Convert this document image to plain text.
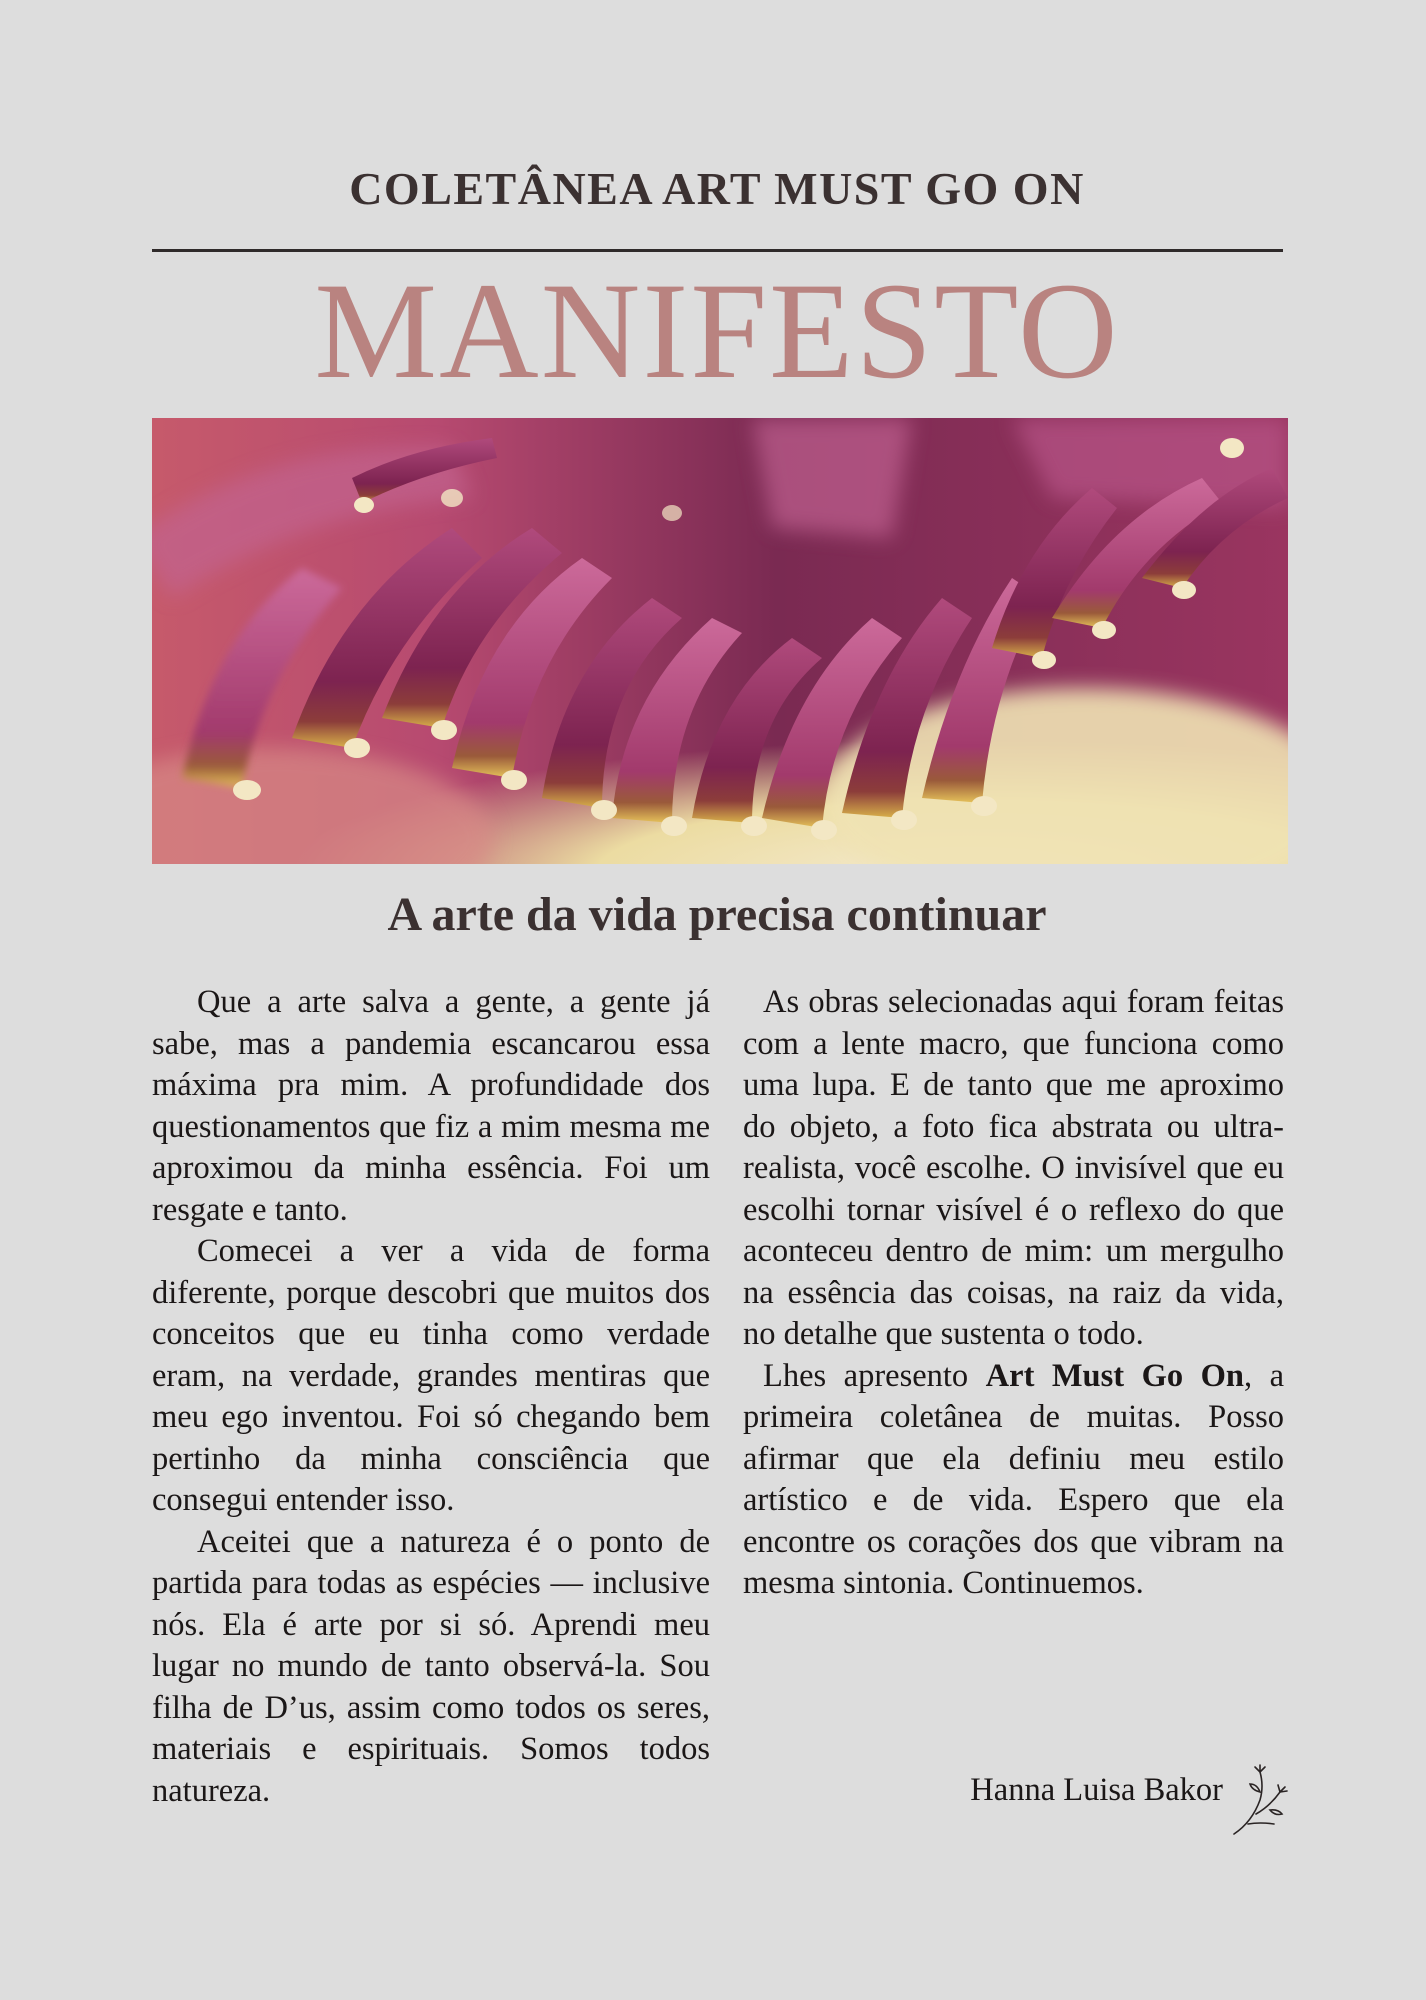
COLETÂNEA ART MUST GO ON
MANIFESTO
A arte da vida precisa continuar

Que a arte salva a gente, a gente já sabe, mas a pandemia escancarou essa máxima pra mim. A profundidade dos questionamentos que fiz a mim mesma me aproximou da minha essência. Foi um resgate e tanto.

Comecei a ver a vida de forma diferente, porque descobri que muitos dos conceitos que eu tinha como verdade eram, na verdade, grandes mentiras que meu ego inventou. Foi só chegando bem pertinho da minha consciência que consegui entender isso.

Aceitei que a natureza é o ponto de partida para todas as espécies — inclusive nós. Ela é arte por si só. Aprendi meu lugar no mundo de tanto observá-la. Sou filha de D’us, assim como todos os seres, materiais e espirituais. Somos todos natureza.

As obras selecionadas aqui foram feitas com a lente macro, que funciona como uma lupa. E de tanto que me aproximo do objeto, a foto fica abstrata ou ultra-realista, você escolhe. O invisível que eu escolhi tornar visível é o reflexo do que aconteceu dentro de mim: um mergulho na essência das coisas, na raiz da vida, no detalhe que sustenta o todo.

Lhes apresento Art Must Go On, a primeira coletânea de muitas. Posso afirmar que ela definiu meu estilo artístico e de vida. Espero que ela encontre os corações dos que vibram na mesma sintonia. Continuemos.

Hanna Luisa Bakor
